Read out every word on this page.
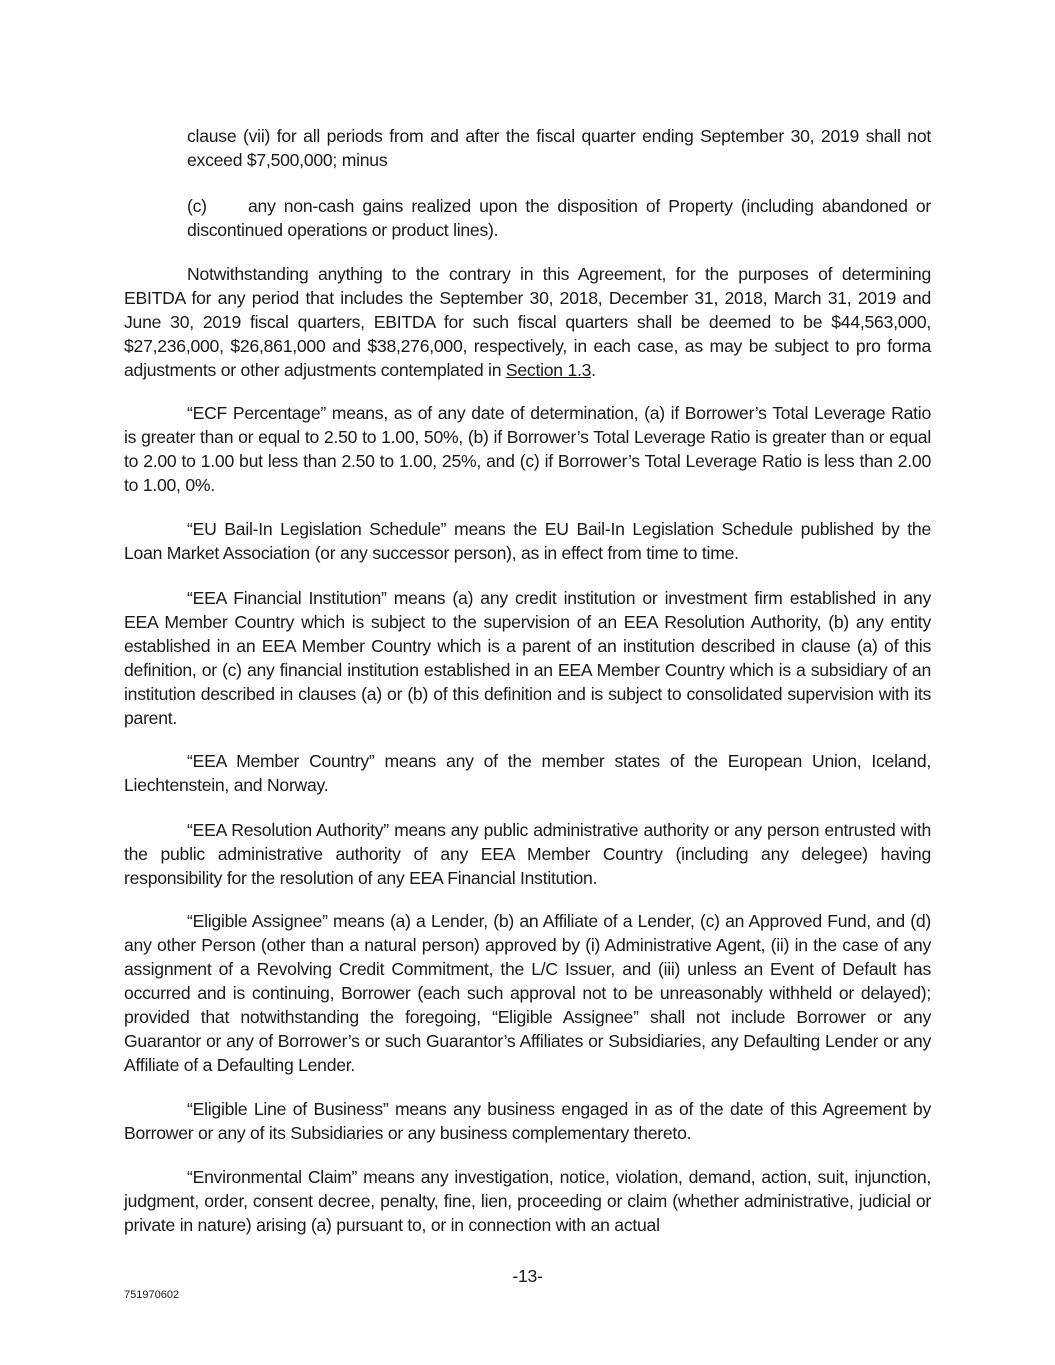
clause (vii) for all periods from and after the fiscal quarter ending September 30, 2019 shall not exceed $7,500,000; minus

(c) any non-cash gains realized upon the disposition of Property (including abandoned or discontinued operations or product lines).

Notwithstanding anything to the contrary in this Agreement, for the purposes of determining EBITDA for any period that includes the September 30, 2018, December 31, 2018, March 31, 2019 and June 30, 2019 fiscal quarters, EBITDA for such fiscal quarters shall be deemed to be $44,563,000, $27,236,000, $26,861,000 and $38,276,000, respectively, in each case, as may be subject to pro forma adjustments or other adjustments contemplated in Section 1.3.

“ECF Percentage” means, as of any date of determination, (a) if Borrower’s Total Leverage Ratio is greater than or equal to 2.50 to 1.00, 50%, (b) if Borrower’s Total Leverage Ratio is greater than or equal to 2.00 to 1.00 but less than 2.50 to 1.00, 25%, and (c) if Borrower’s Total Leverage Ratio is less than 2.00 to 1.00, 0%.

“EU Bail-In Legislation Schedule” means the EU Bail-In Legislation Schedule published by the Loan Market Association (or any successor person), as in effect from time to time.

“EEA Financial Institution” means (a) any credit institution or investment firm established in any EEA Member Country which is subject to the supervision of an EEA Resolution Authority, (b) any entity established in an EEA Member Country which is a parent of an institution described in clause (a) of this definition, or (c) any financial institution established in an EEA Member Country which is a subsidiary of an institution described in clauses (a) or (b) of this definition and is subject to consolidated supervision with its parent.

“EEA Member Country” means any of the member states of the European Union, Iceland, Liechtenstein, and Norway.

“EEA Resolution Authority” means any public administrative authority or any person entrusted with the public administrative authority of any EEA Member Country (including any delegee) having responsibility for the resolution of any EEA Financial Institution.

“Eligible Assignee” means (a) a Lender, (b) an Affiliate of a Lender, (c) an Approved Fund, and (d) any other Person (other than a natural person) approved by (i) Administrative Agent, (ii) in the case of any assignment of a Revolving Credit Commitment, the L/C Issuer, and (iii) unless an Event of Default has occurred and is continuing, Borrower (each such approval not to be unreasonably withheld or delayed); provided that notwithstanding the foregoing, “Eligible Assignee” shall not include Borrower or any Guarantor or any of Borrower’s or such Guarantor’s Affiliates or Subsidiaries, any Defaulting Lender or any Affiliate of a Defaulting Lender.

“Eligible Line of Business” means any business engaged in as of the date of this Agreement by Borrower or any of its Subsidiaries or any business complementary thereto.

“Environmental Claim” means any investigation, notice, violation, demand, action, suit, injunction, judgment, order, consent decree, penalty, fine, lien, proceeding or claim (whether administrative, judicial or private in nature) arising (a) pursuant to, or in connection with an actual

-13-
751970602
